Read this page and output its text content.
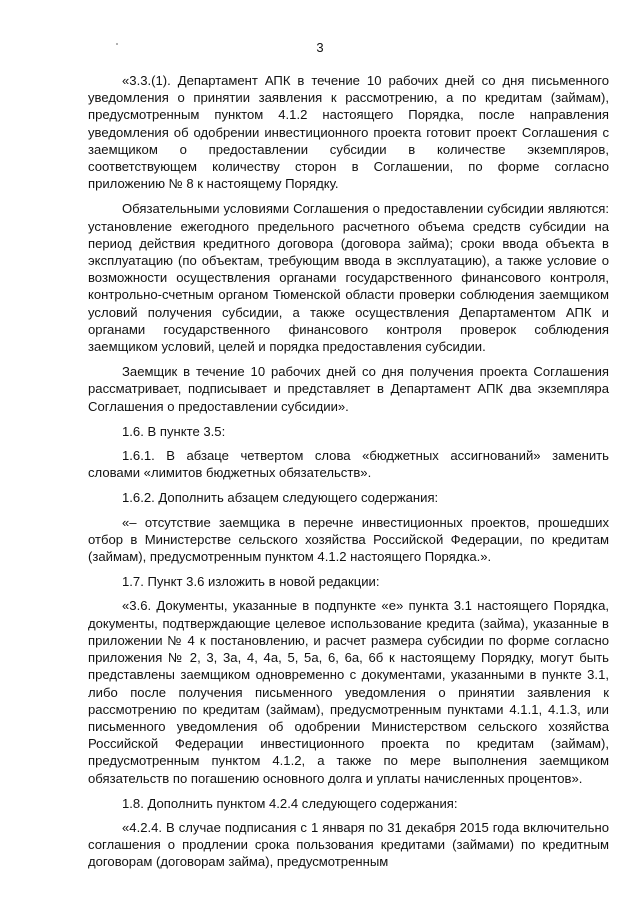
3

«3.3.(1). Департамент АПК в течение 10 рабочих дней со дня письменного уведомления о принятии заявления к рассмотрению, а по кредитам (займам), предусмотренным пунктом 4.1.2 настоящего Порядка, после направления уведомления об одобрении инвестиционного проекта готовит проект Соглашения с заемщиком о предоставлении субсидии в количестве экземпляров, соответствующем количеству сторон в Соглашении, по форме согласно приложению № 8 к настоящему Порядку.

Обязательными условиями Соглашения о предоставлении субсидии являются: установление ежегодного предельного расчетного объема средств субсидии на период действия кредитного договора (договора займа); сроки ввода объекта в эксплуатацию (по объектам, требующим ввода в эксплуатацию), а также условие о возможности осуществления органами государственного финансового контроля, контрольно-счетным органом Тюменской области проверки соблюдения заемщиком условий получения субсидии, а также осуществления Департаментом АПК и органами государственного финансового контроля проверок соблюдения заемщиком условий, целей и порядка предоставления субсидии.

Заемщик в течение 10 рабочих дней со дня получения проекта Соглашения рассматривает, подписывает и представляет в Департамент АПК два экземпляра Соглашения о предоставлении субсидии».

1.6. В пункте 3.5:

1.6.1. В абзаце четвертом слова «бюджетных ассигнований» заменить словами «лимитов бюджетных обязательств».

1.6.2. Дополнить абзацем следующего содержания:

«– отсутствие заемщика в перечне инвестиционных проектов, прошедших отбор в Министерстве сельского хозяйства Российской Федерации, по кредитам (займам), предусмотренным пунктом 4.1.2 настоящего Порядка.».

1.7. Пункт 3.6 изложить в новой редакции:

«3.6. Документы, указанные в подпункте «е» пункта 3.1 настоящего Порядка, документы, подтверждающие целевое использование кредита (займа), указанные в приложении № 4 к постановлению, и расчет размера субсидии по форме согласно приложения № 2, 3, 3а, 4, 4а, 5, 5а, 6, 6а, 6б к настоящему Порядку, могут быть представлены заемщиком одновременно с документами, указанными в пункте 3.1, либо после получения письменного уведомления о принятии заявления к рассмотрению по кредитам (займам), предусмотренным пунктами 4.1.1, 4.1.3, или письменного уведомления об одобрении Министерством сельского хозяйства Российской Федерации инвестиционного проекта по кредитам (займам), предусмотренным пунктом 4.1.2, а также по мере выполнения заемщиком обязательств по погашению основного долга и уплаты начисленных процентов».

1.8. Дополнить пунктом 4.2.4 следующего содержания:

«4.2.4. В случае подписания с 1 января по 31 декабря 2015 года включительно соглашения о продлении срока пользования кредитами (займами) по кредитным договорам (договорам займа), предусмотренным
